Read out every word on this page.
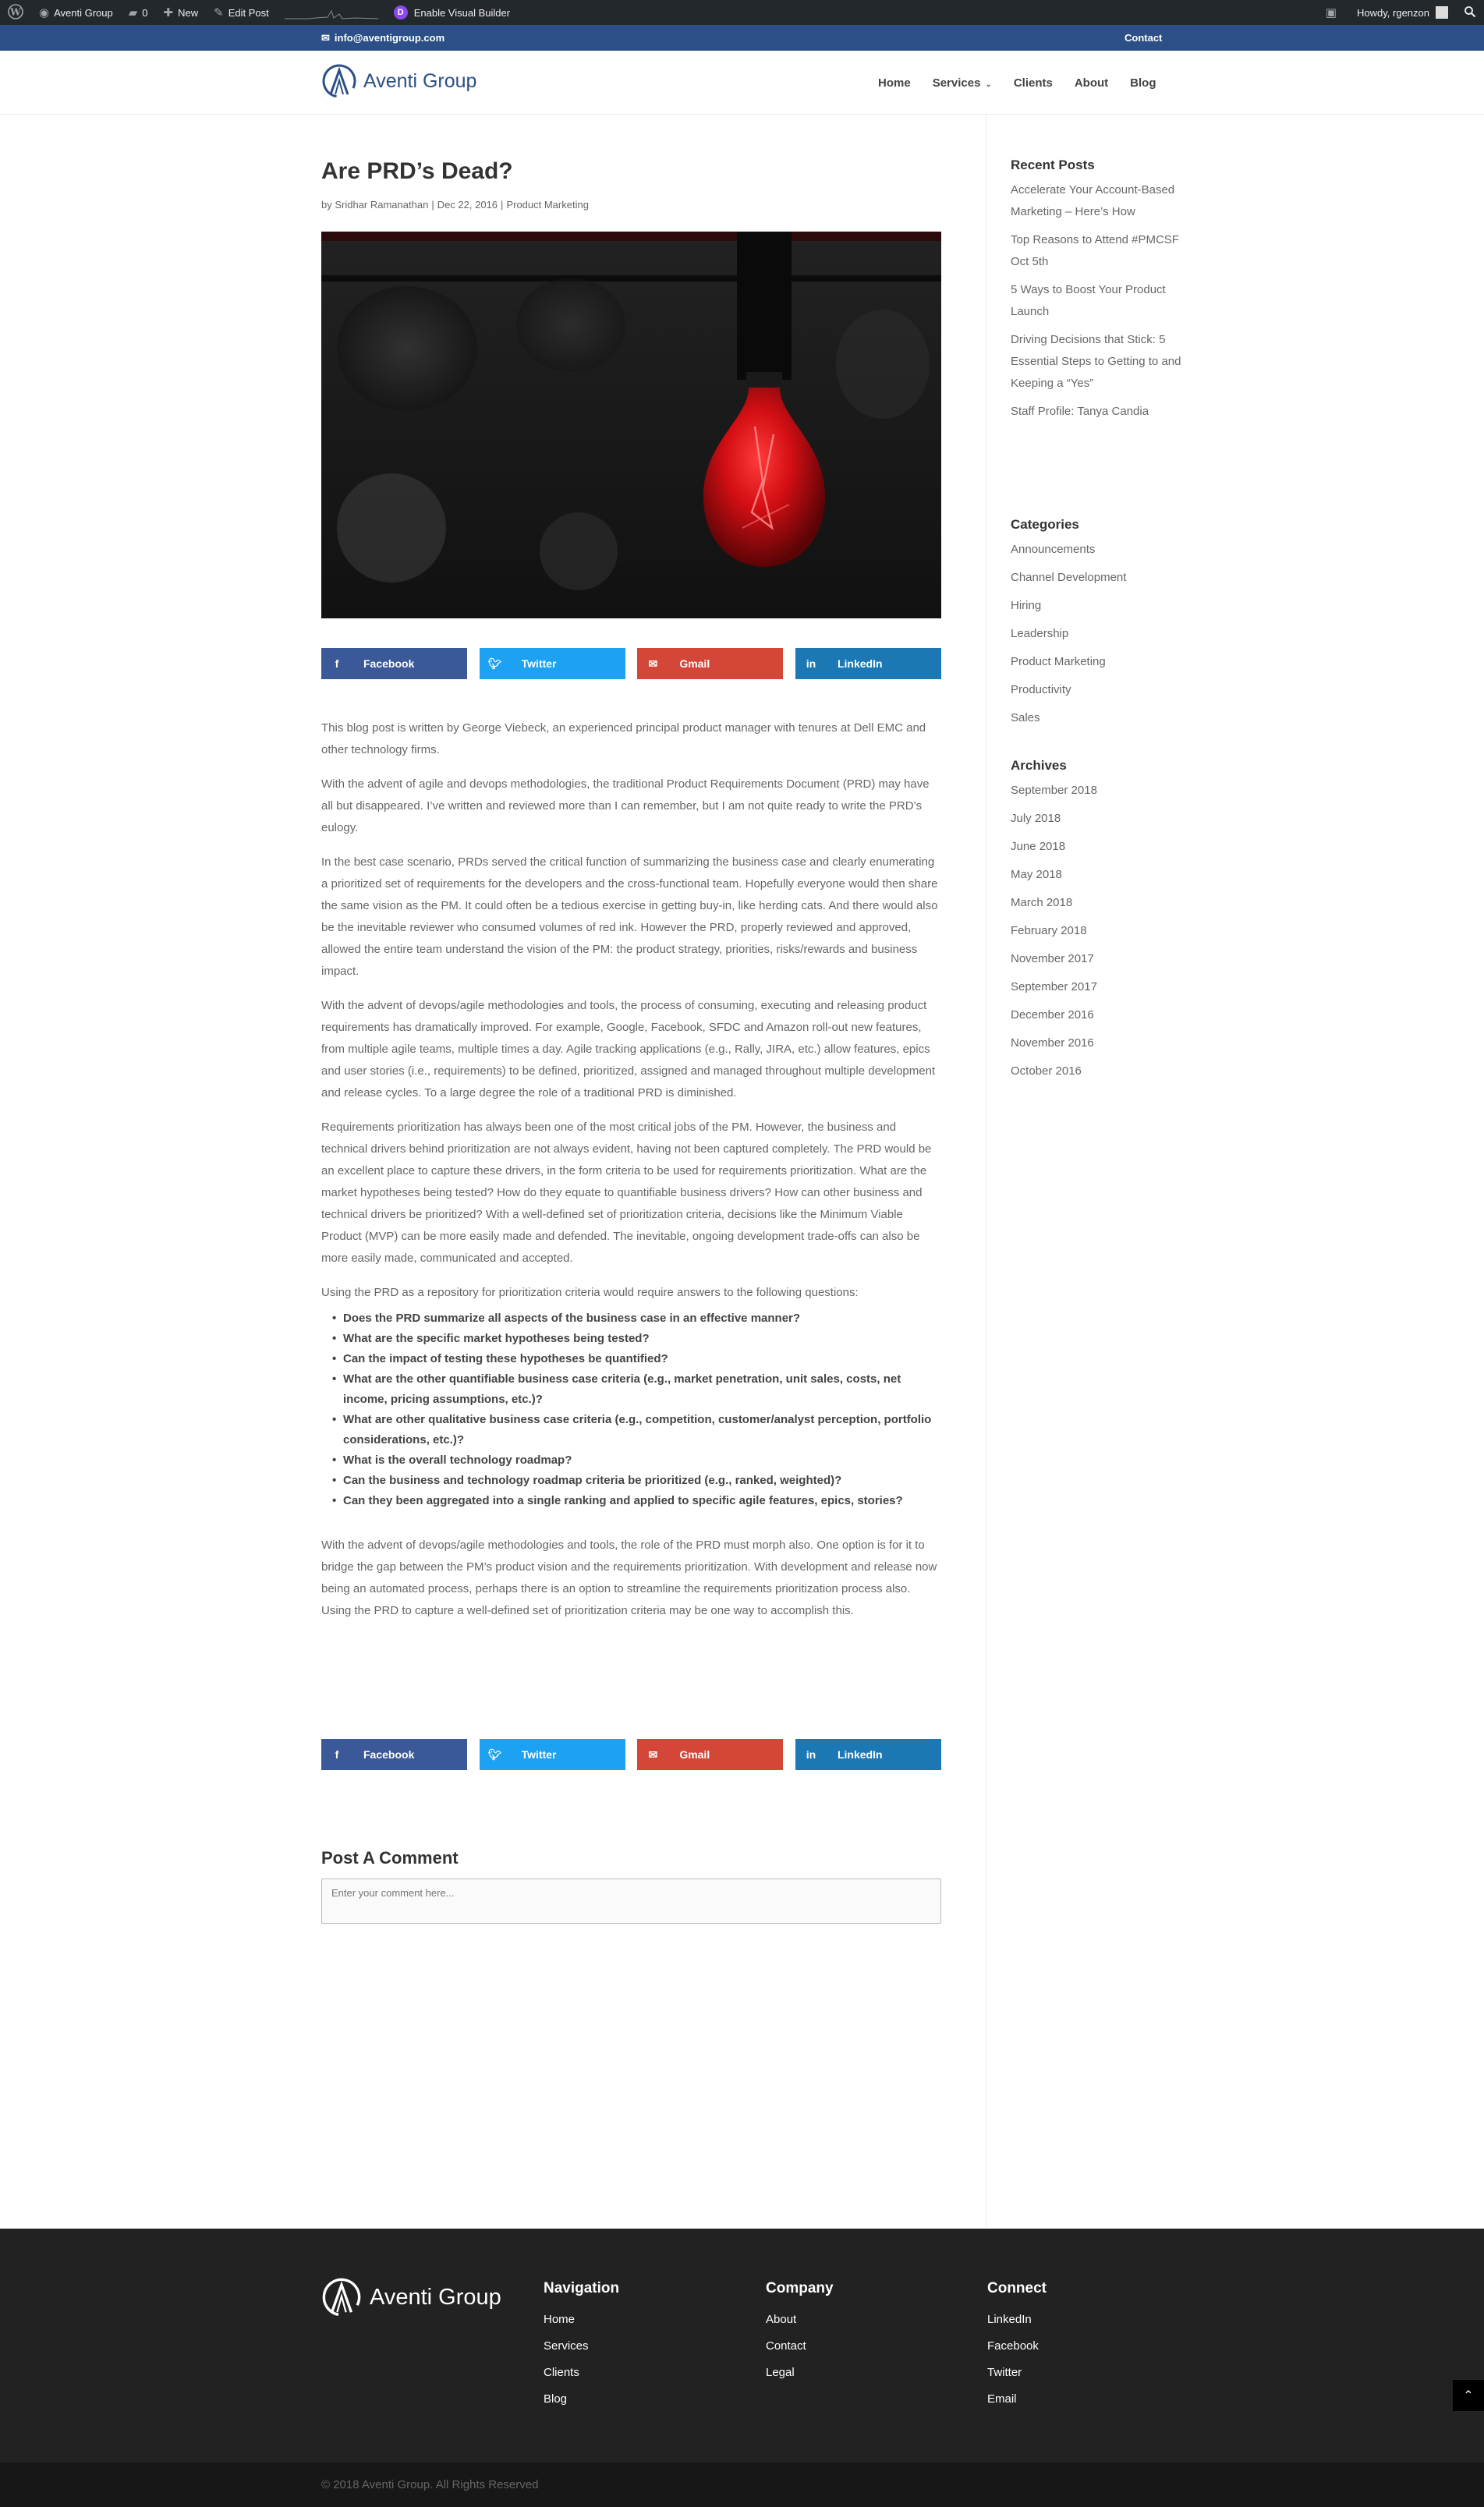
W ◉ Aventi Group ▰ 0 ✚ New ✎ Edit Post	D	Enable Visual Builder	▣ Howdy, rgenzon
✉ info@aventigroup.com	Contact
Aventi Group	Home Services ⌄ Clients About Blog
Are PRD’s Dead?
by Sridhar Ramanathan | Dec 22, 2016 | Product Marketing
f	Facebook	🐦︎	Twitter	✉	Gmail	in	LinkedIn

This blog post is written by George Viebeck, an experienced principal product manager with tenures at Dell EMC and other technology firms.

With the advent of agile and devops methodologies, the traditional Product Requirements Document (PRD) may have all but disappeared. I’ve written and reviewed more than I can remember, but I am not quite ready to write the PRD’s eulogy.

In the best case scenario, PRDs served the critical function of summarizing the business case and clearly enumerating a prioritized set of requirements for the developers and the cross-functional team. Hopefully everyone would then share the same vision as the PM. It could often be a tedious exercise in getting buy-in, like herding cats. And there would also be the inevitable reviewer who consumed volumes of red ink. However the PRD, properly reviewed and approved, allowed the entire team understand the vision of the PM: the product strategy, priorities, risks/rewards and business impact.

With the advent of devops/agile methodologies and tools, the process of consuming, executing and releasing product requirements has dramatically improved. For example, Google, Facebook, SFDC and Amazon roll-out new features, from multiple agile teams, multiple times a day. Agile tracking applications (e.g., Rally, JIRA, etc.) allow features, epics and user stories (i.e., requirements) to be defined, prioritized, assigned and managed throughout multiple development and release cycles. To a large degree the role of a traditional PRD is diminished.

Requirements prioritization has always been one of the most critical jobs of the PM. However, the business and technical drivers behind prioritization are not always evident, having not been captured completely. The PRD would be an excellent place to capture these drivers, in the form criteria to be used for requirements prioritization. What are the market hypotheses being tested? How do they equate to quantifiable business drivers? How can other business and technical drivers be prioritized? With a well-defined set of prioritization criteria, decisions like the Minimum Viable Product (MVP) can be more easily made and defended. The inevitable, ongoing development trade-offs can also be more easily made, communicated and accepted.

Using the PRD as a repository for prioritization criteria would require answers to the following questions:

• Does the PRD summarize all aspects of the business case in an effective manner?
• What are the specific market hypotheses being tested?
• Can the impact of testing these hypotheses be quantified?
• What are the other quantifiable business case criteria (e.g., market penetration, unit sales, costs, net income, pricing assumptions, etc.)?
• What are other qualitative business case criteria (e.g., competition, customer/analyst perception, portfolio considerations, etc.)?
• What is the overall technology roadmap?
• Can the business and technology roadmap criteria be prioritized (e.g., ranked, weighted)?
• Can they been aggregated into a single ranking and applied to specific agile features, epics, stories?

With the advent of devops/agile methodologies and tools, the role of the PRD must morph also. One option is for it to bridge the gap between the PM’s product vision and the requirements prioritization. With development and release now being an automated process, perhaps there is an option to streamline the requirements prioritization process also. Using the PRD to capture a well-defined set of prioritization criteria may be one way to accomplish this.

f	Facebook	🐦︎	Twitter	✉	Gmail	in	LinkedIn
Post A Comment
Enter your comment here...
Recent Posts
Accelerate Your Account-Based Marketing – Here’s How
Top Reasons to Attend #PMCSF Oct 5th
5 Ways to Boost Your Product Launch
Driving Decisions that Stick: 5 Essential Steps to Getting to and Keeping a “Yes”
Staff Profile: Tanya Candia
Categories
Announcements
Channel Development
Hiring
Leadership
Product Marketing
Productivity
Sales
Archives
September 2018
July 2018
June 2018
May 2018
March 2018
February 2018
November 2017
September 2017
December 2016
November 2016
October 2016
Aventi Group	Navigation
Home
Services
Clients
Blog
Company
About
Contact
Legal
Connect
LinkedIn
Facebook
Twitter
Email	⌃
© 2018 Aventi Group. All Rights Reserved
